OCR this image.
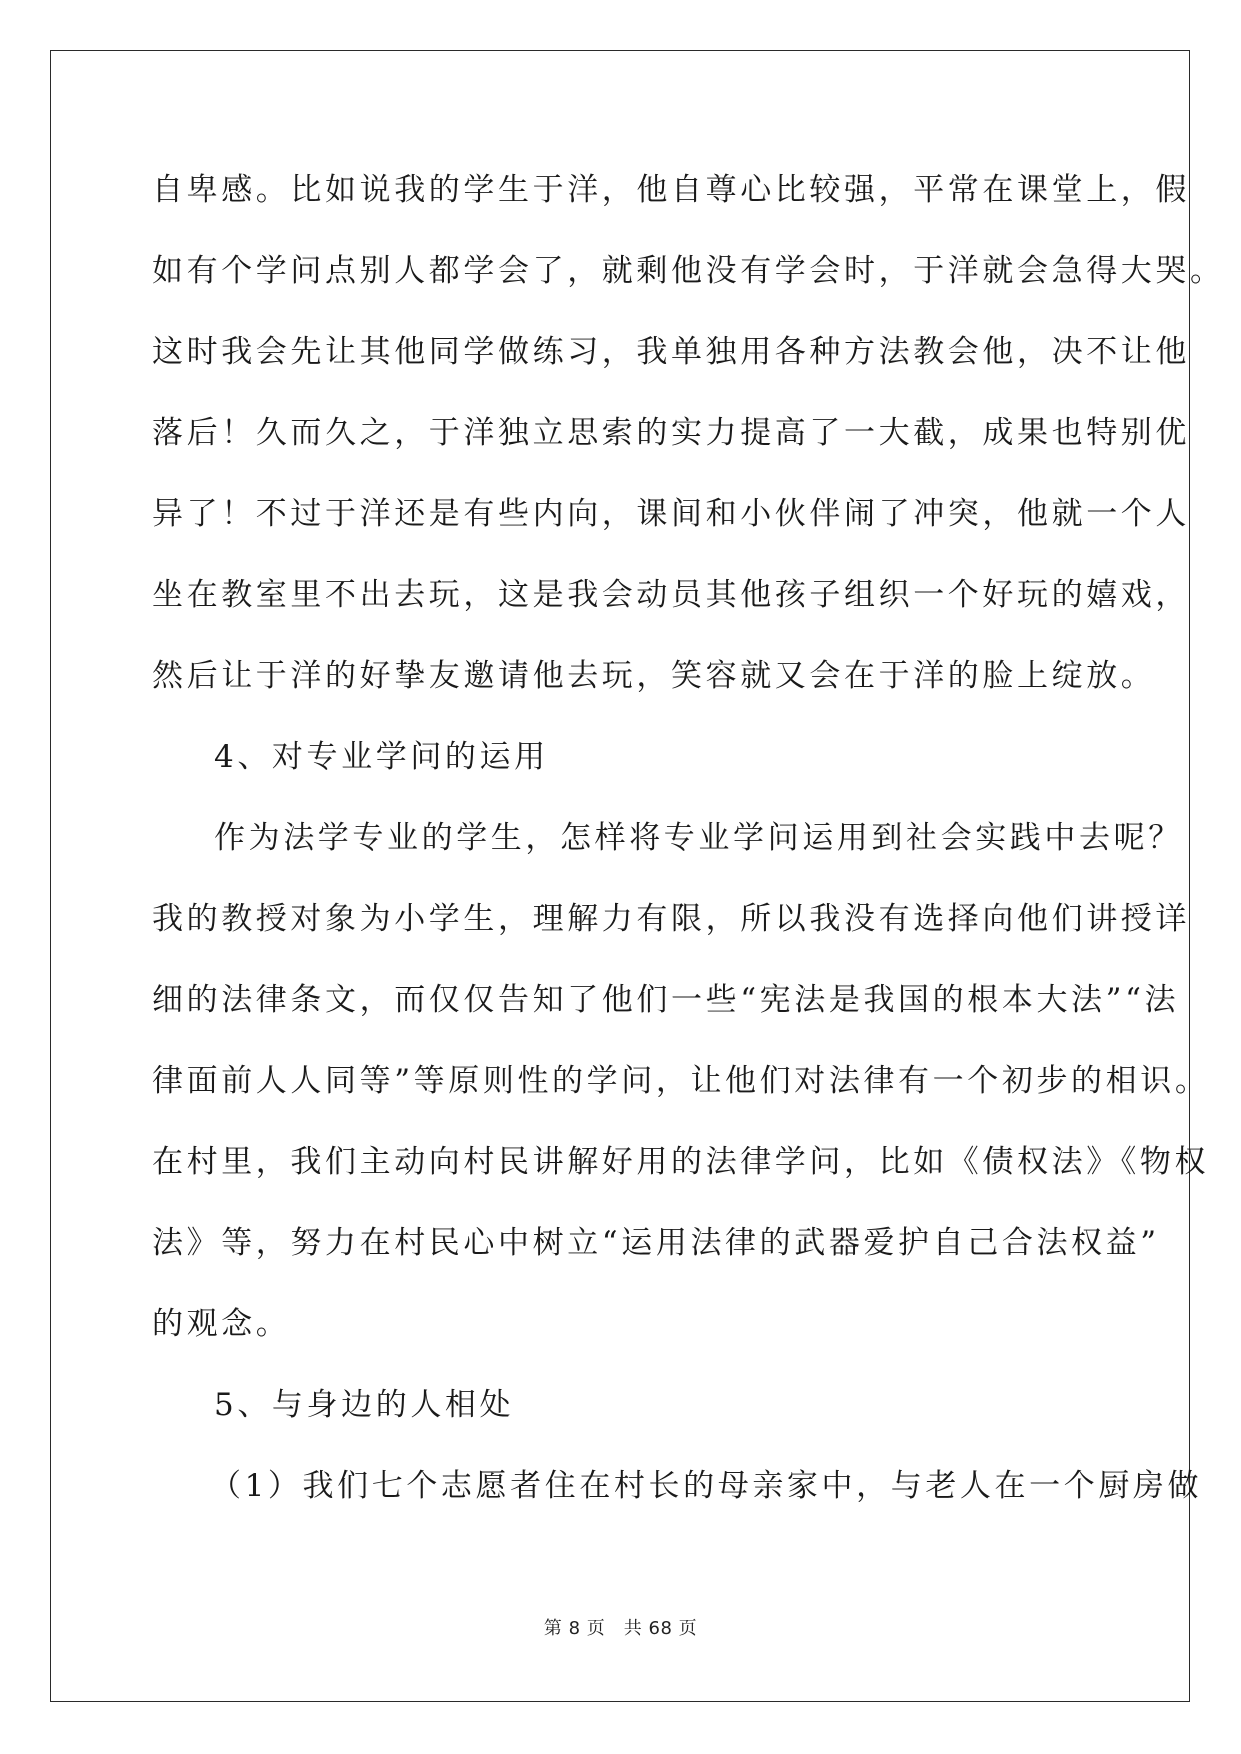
自卑感。比如说我的学生于洋，他自尊心比较强，平常在课堂上，假
如有个学问点别人都学会了，就剩他没有学会时，于洋就会急得大哭。
这时我会先让其他同学做练习，我单独用各种方法教会他，决不让他
落后！久而久之，于洋独立思索的实力提高了一大截，成果也特别优
异了！不过于洋还是有些内向，课间和小伙伴闹了冲突，他就一个人
坐在教室里不出去玩，这是我会动员其他孩子组织一个好玩的嬉戏，
然后让于洋的好挚友邀请他去玩，笑容就又会在于洋的脸上绽放。
4、对专业学问的运用
作为法学专业的学生，怎样将专业学问运用到社会实践中去呢？
我的教授对象为小学生，理解力有限，所以我没有选择向他们讲授详
细的法律条文，而仅仅告知了他们一些“宪法是我国的根本大法”“法
律面前人人同等”等原则性的学问，让他们对法律有一个初步的相识。
在村里，我们主动向村民讲解好用的法律学问，比如《债权法》《物权
法》等，努力在村民心中树立“运用法律的武器爱护自己合法权益”
的观念。
5、与身边的人相处
（1）我们七个志愿者住在村长的母亲家中，与老人在一个厨房做
第 8 页　共 68 页
